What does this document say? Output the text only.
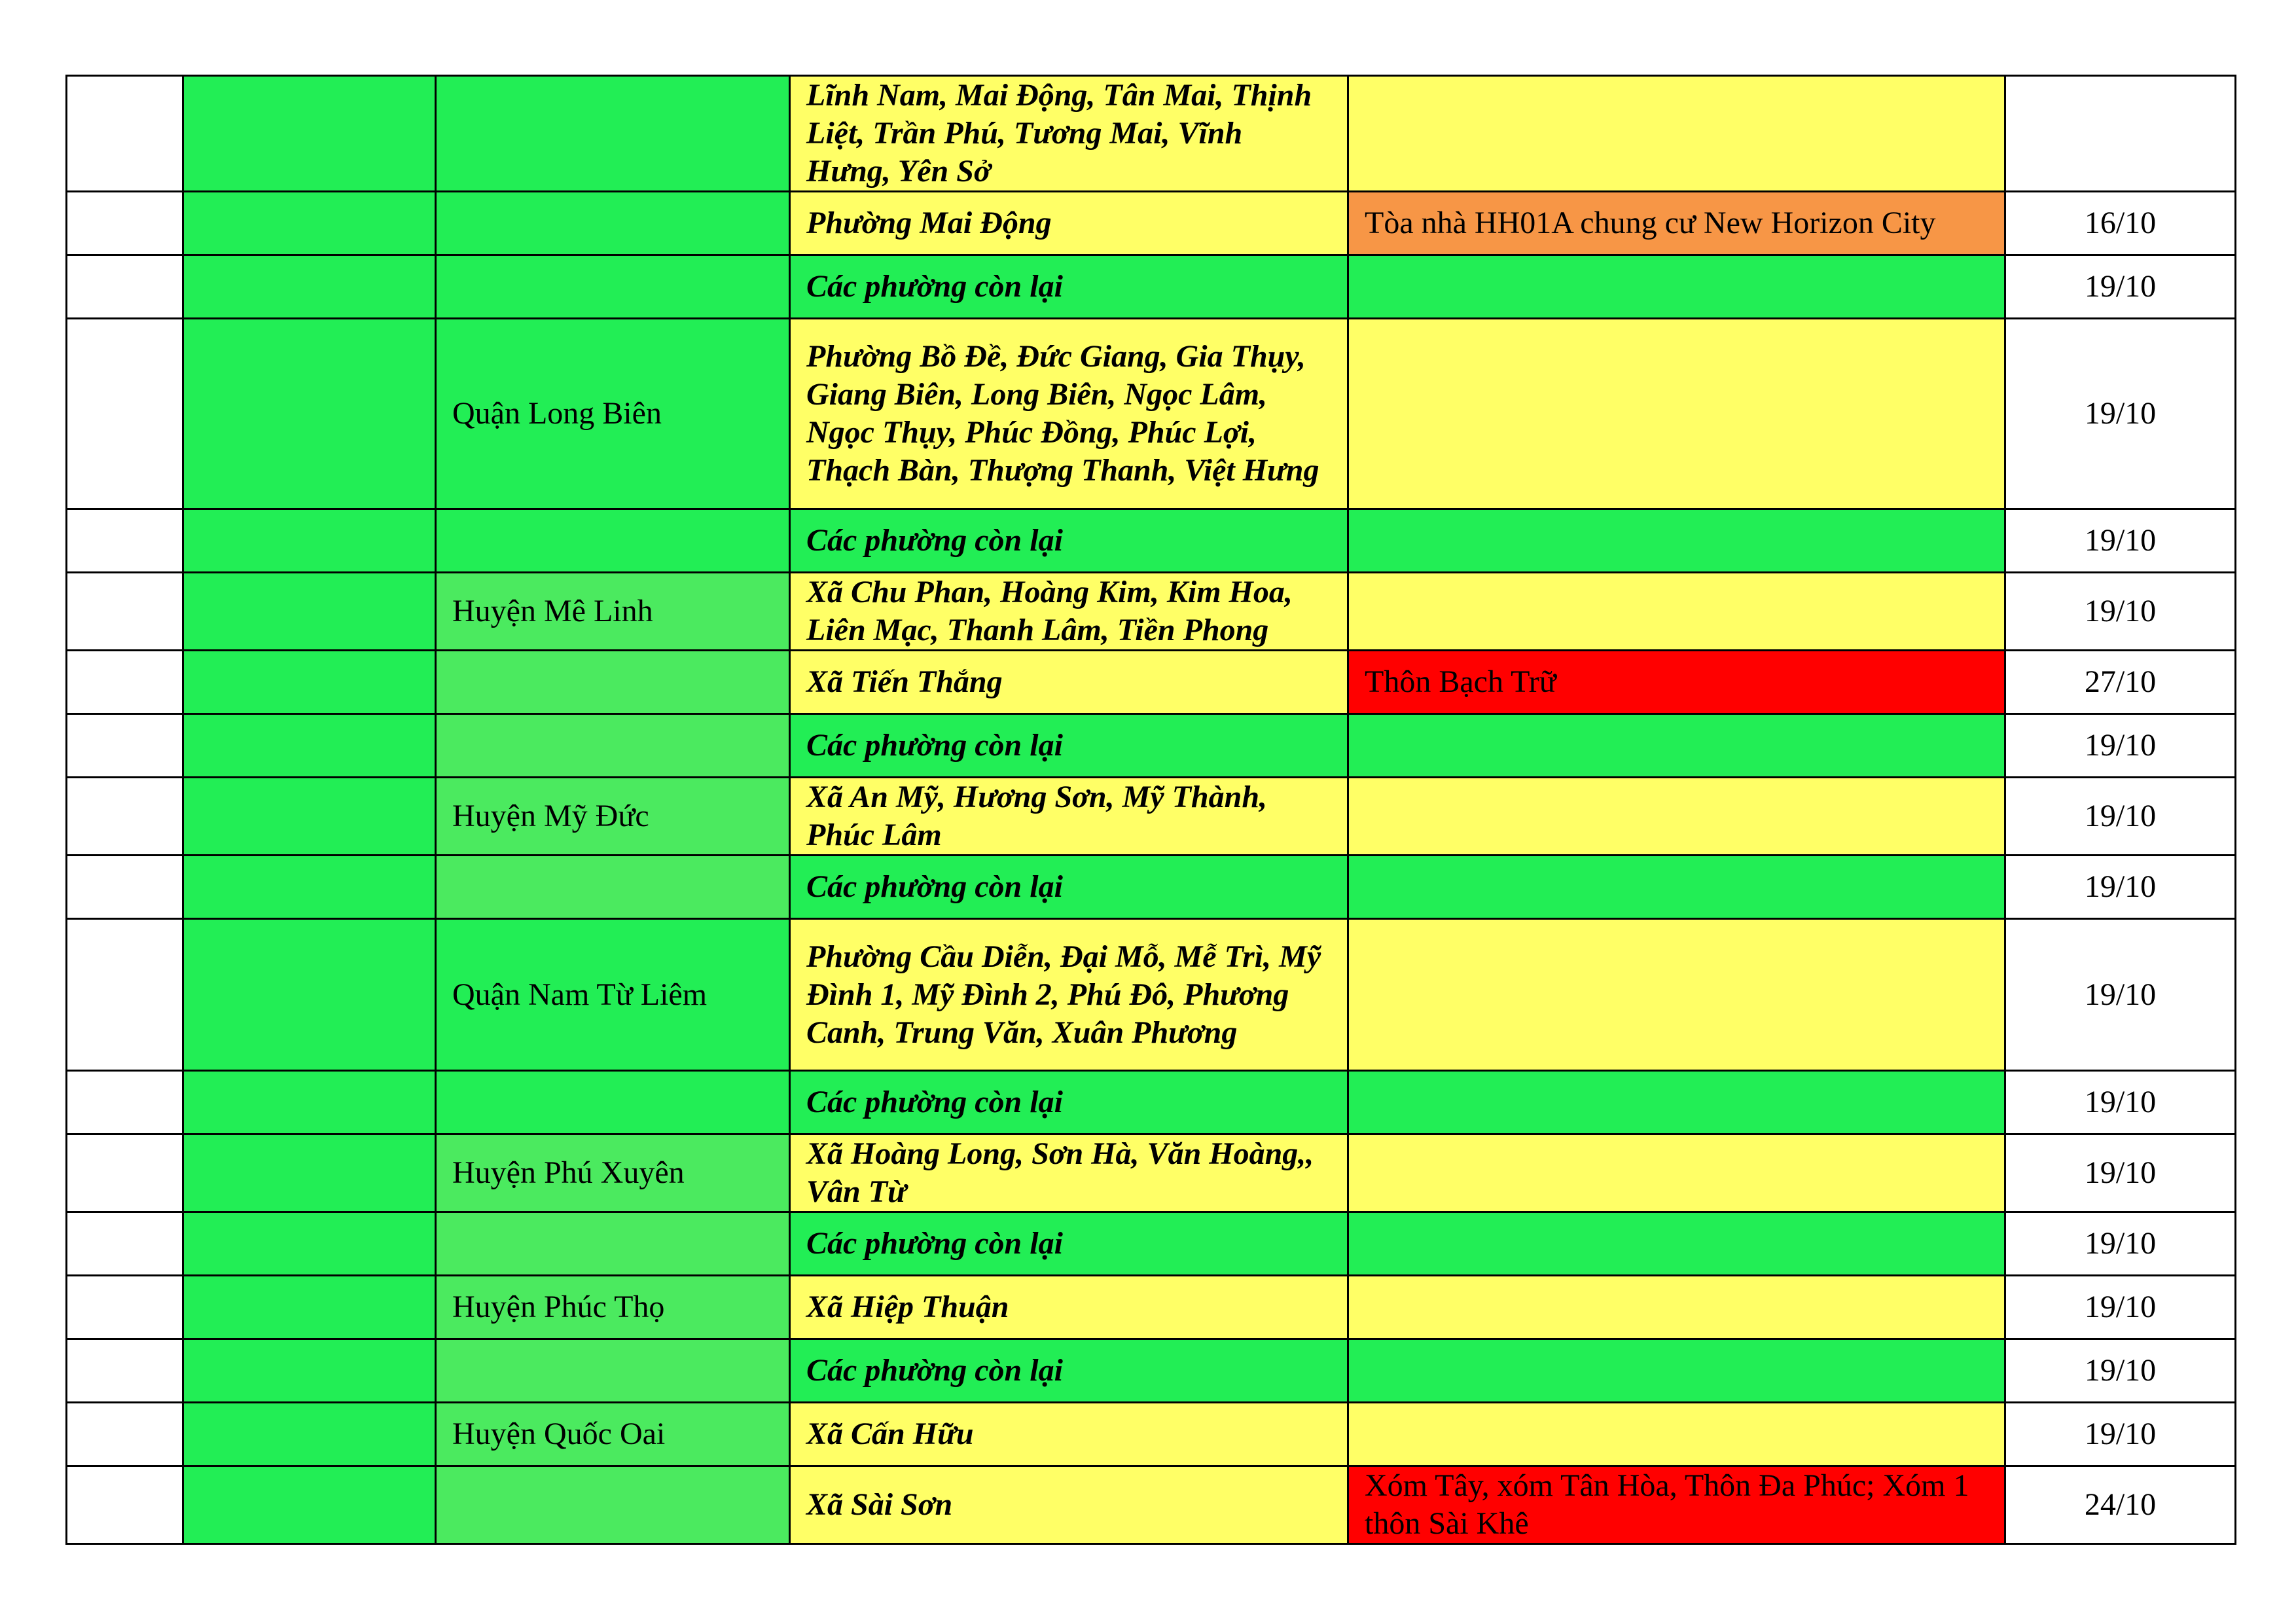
			Lĩnh Nam, Mai Động, Tân Mai, Thịnh Liệt, Trần Phú, Tương Mai, Vĩnh Hưng, Yên Sở		
			Phường Mai Động	Tòa nhà HH01A chung cư New Horizon City	16/10
			Các phường còn lại		19/10
		Quận Long Biên	Phường Bồ Đề, Đức Giang, Gia Thụy, Giang Biên, Long Biên, Ngọc Lâm, Ngọc Thụy, Phúc Đồng, Phúc Lợi, Thạch Bàn, Thượng Thanh, Việt Hưng		19/10
			Các phường còn lại		19/10
		Huyện Mê Linh	Xã Chu Phan, Hoàng Kim, Kim Hoa, Liên Mạc, Thanh Lâm, Tiền Phong		19/10
			Xã Tiến Thắng	Thôn Bạch Trữ	27/10
			Các phường còn lại		19/10
		Huyện Mỹ Đức	Xã An Mỹ, Hương Sơn, Mỹ Thành, Phúc Lâm		19/10
			Các phường còn lại		19/10
		Quận Nam Từ Liêm	Phường Cầu Diễn, Đại Mỗ, Mễ Trì, Mỹ Đình 1, Mỹ Đình 2, Phú Đô, Phương Canh, Trung Văn, Xuân Phương		19/10
			Các phường còn lại		19/10
		Huyện Phú Xuyên	Xã Hoàng Long, Sơn Hà, Văn Hoàng,, Vân Từ		19/10
			Các phường còn lại		19/10
		Huyện Phúc Thọ	Xã Hiệp Thuận		19/10
			Các phường còn lại		19/10
		Huyện Quốc Oai	Xã Cấn Hữu		19/10
			Xã Sài Sơn	Xóm Tây, xóm Tân Hòa, Thôn Đa Phúc; Xóm 1 thôn Sài Khê	24/10
